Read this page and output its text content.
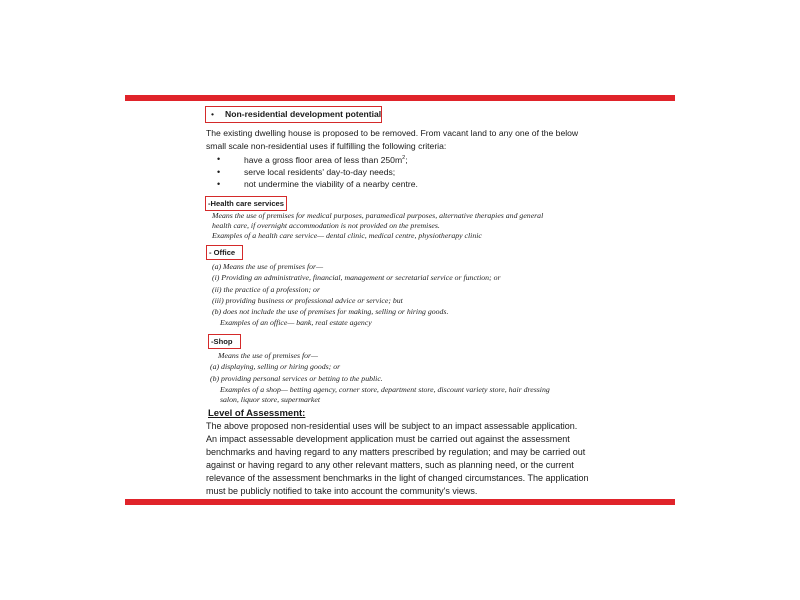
• Non-residential development potential
The existing dwelling house is proposed to be removed. From vacant land to any one of the below
small scale non-residential uses if fulfilling the following criteria:
•	have a gross floor area of less than $250m^2$;
•	serve local residents' day-to-day needs;
•	not undermine the viability of a nearby centre.
-Health care services
Means the use of premises for medical purposes, paramedical purposes, alternative therapies and general
health care, if overnight accommodation is not provided on the premises.
Examples of a health care service— dental clinic, medical centre, physiotherapy clinic
- Office
(a) Means the use of premises for—
(i) Providing an administrative, financial, management or secretarial service or function; or
(ii) the practice of a profession; or
(iii) providing business or professional advice or service; but
(b) does not include the use of premises for making, selling or hiring goods.
Examples of an office— bank, real estate agency
-Shop
Means the use of premises for—
(a) displaying, selling or hiring goods; or
(b) providing personal services or betting to the public.
Examples of a shop— betting agency, corner store, department store, discount variety store, hair dressing
salon, liquor store, supermarket
Level of Assessment:
The above proposed non-residential uses will be subject to an impact assessable application.
An impact assessable development application must be carried out against the assessment
benchmarks and having regard to any matters prescribed by regulation; and may be carried out
against or having regard to any other relevant matters, such as planning need, or the current
relevance of the assessment benchmarks in the light of changed circumstances. The application
must be publicly notified to take into account the community's views.
